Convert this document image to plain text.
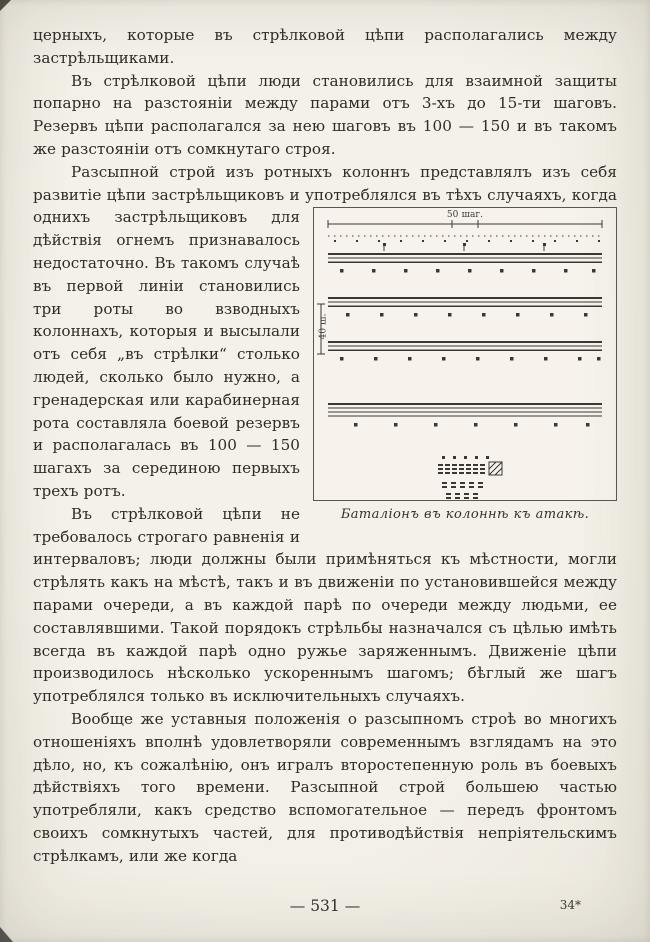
церныхъ, которые въ стрѣлковой цѣпи располагались между застрѣльщиками.

Въ стрѣлковой цѣпи люди становились для взаимной защиты попарно на разстояніи между парами отъ 3-хъ до 15-ти шаговъ. Резервъ цѣпи располагался за нею шаговъ въ 100 — 150 и въ такомъ же разстояніи отъ сомкнутаго строя.

50 шаг.
40 ш.
Баталіонъ въ колоннѣ къ атакѣ.
Разсыпной строй изъ ротныхъ колоннъ представлялъ изъ себя развитіе цѣпи застрѣльщиковъ и употреблялся въ тѣхъ случаяхъ, когда однихъ застрѣльщиковъ для дѣйствія огнемъ признавалось недостаточно. Въ такомъ случаѣ въ первой линіи становились три роты во взводныхъ колоннахъ, которыя и высылали отъ себя „въ стрѣлки“ столько людей, сколько было нужно, а гренадерская или карабинерная рота составляла боевой резервъ и располагалась въ 100 — 150 шагахъ за серединою первыхъ трехъ ротъ.

Въ стрѣлковой цѣпи не требовалось строгаго равненія и интерваловъ; люди должны были примѣняться къ мѣстности, могли стрѣлять какъ на мѣстѣ, такъ и въ движеніи по установившейся между парами очереди, а въ каждой парѣ по очереди между людьми, ее составлявшими. Такой порядокъ стрѣльбы назначался съ цѣлью имѣть всегда въ каждой парѣ одно ружье заряженнымъ. Движеніе цѣпи производилось нѣсколько ускореннымъ шагомъ; бѣглый же шагъ употреблялся только въ исключительныхъ случаяхъ.

Вообще же уставныя положенія о разсыпномъ строѣ во многихъ отношеніяхъ вполнѣ удовлетворяли современнымъ взглядамъ на это дѣло, но, къ сожалѣнію, онъ игралъ второстепенную роль въ боевыхъ дѣйствіяхъ того времени. Разсыпной строй большею частью употребляли, какъ средство вспомогательное — передъ фронтомъ своихъ сомкнутыхъ частей, для противодѣйствія непріятельскимъ стрѣлкамъ, или же когда

— 531 —	34*
